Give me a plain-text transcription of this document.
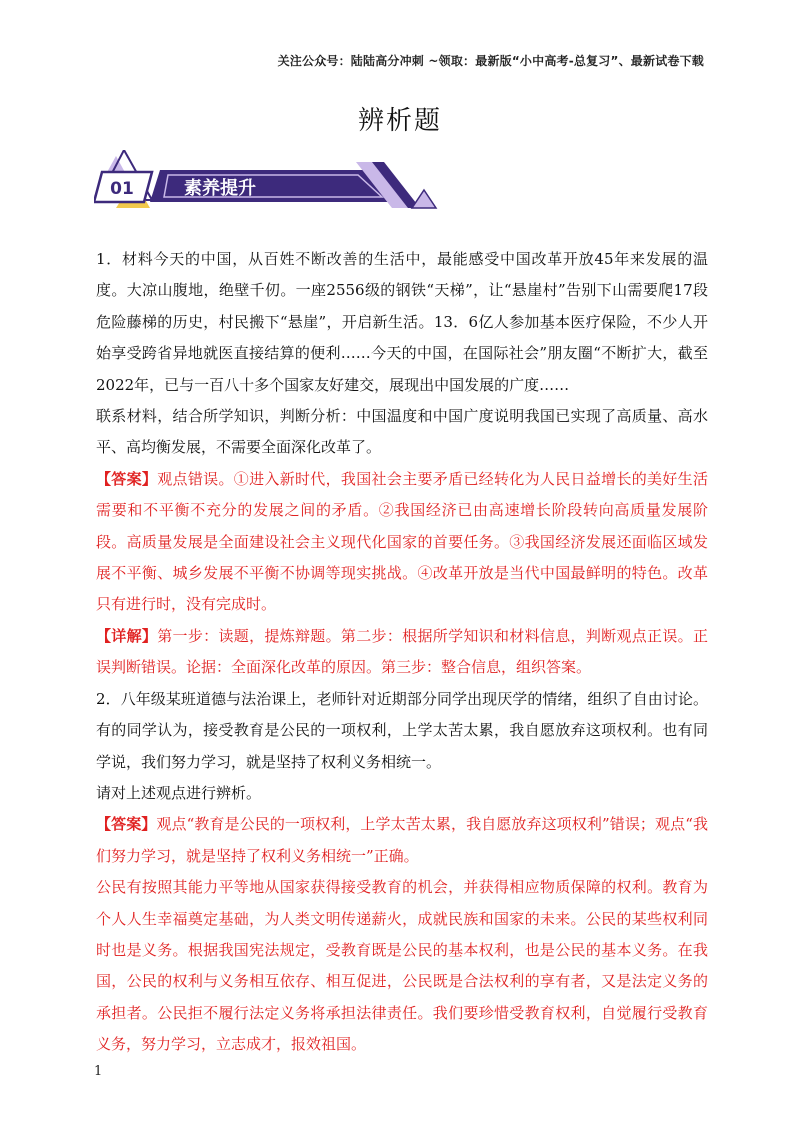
关注公众号：陆陆高分冲刺 ~领取：最新版“小中高考-总复习”、最新试卷下载
辨析题
01	素养提升

1．材料今天的中国，从百姓不断改善的生活中，最能感受中国改革开放45年来发展的温度。大凉山腹地，绝壁千仞。一座2556级的钢铁“天梯”，让“悬崖村”告别下山需要爬17段危险藤梯的历史，村民搬下“悬崖”，开启新生活。13．6亿人参加基本医疗保险，不少人开始享受跨省异地就医直接结算的便利……今天的中国，在国际社会”朋友圈“不断扩大，截至2022年，已与一百八十多个国家友好建交，展现出中国发展的广度……

联系材料，结合所学知识，判断分析：中国温度和中国广度说明我国已实现了高质量、高水平、高均衡发展，不需要全面深化改革了。

【答案】观点错误。①进入新时代，我国社会主要矛盾已经转化为人民日益增长的美好生活需要和不平衡不充分的发展之间的矛盾。②我国经济已由高速增长阶段转向高质量发展阶段。高质量发展是全面建设社会主义现代化国家的首要任务。③我国经济发展还面临区域发展不平衡、城乡发展不平衡不协调等现实挑战。④改革开放是当代中国最鲜明的特色。改革只有进行时，没有完成时。

【详解】第一步：读题，提炼辩题。第二步：根据所学知识和材料信息，判断观点正误。正误判断错误。论据：全面深化改革的原因。第三步：整合信息，组织答案。

2．八年级某班道德与法治课上，老师针对近期部分同学出现厌学的情绪，组织了自由讨论。有的同学认为，接受教育是公民的一项权利，上学太苦太累，我自愿放弃这项权利。也有同学说，我们努力学习，就是坚持了权利义务相统一。

请对上述观点进行辨析。

【答案】观点“教育是公民的一项权利，上学太苦太累，我自愿放弃这项权利”错误；观点“我们努力学习，就是坚持了权利义务相统一”正确。

公民有按照其能力平等地从国家获得接受教育的机会，并获得相应物质保障的权利。教育为个人人生幸福奠定基础，为人类文明传递薪火，成就民族和国家的未来。公民的某些权利同时也是义务。根据我国宪法规定，受教育既是公民的基本权利，也是公民的基本义务。在我国，公民的权利与义务相互依存、相互促进，公民既是合法权利的享有者，又是法定义务的承担者。公民拒不履行法定义务将承担法律责任。我们要珍惜受教育权利，自觉履行受教育义务，努力学习，立志成才，报效祖国。

1
